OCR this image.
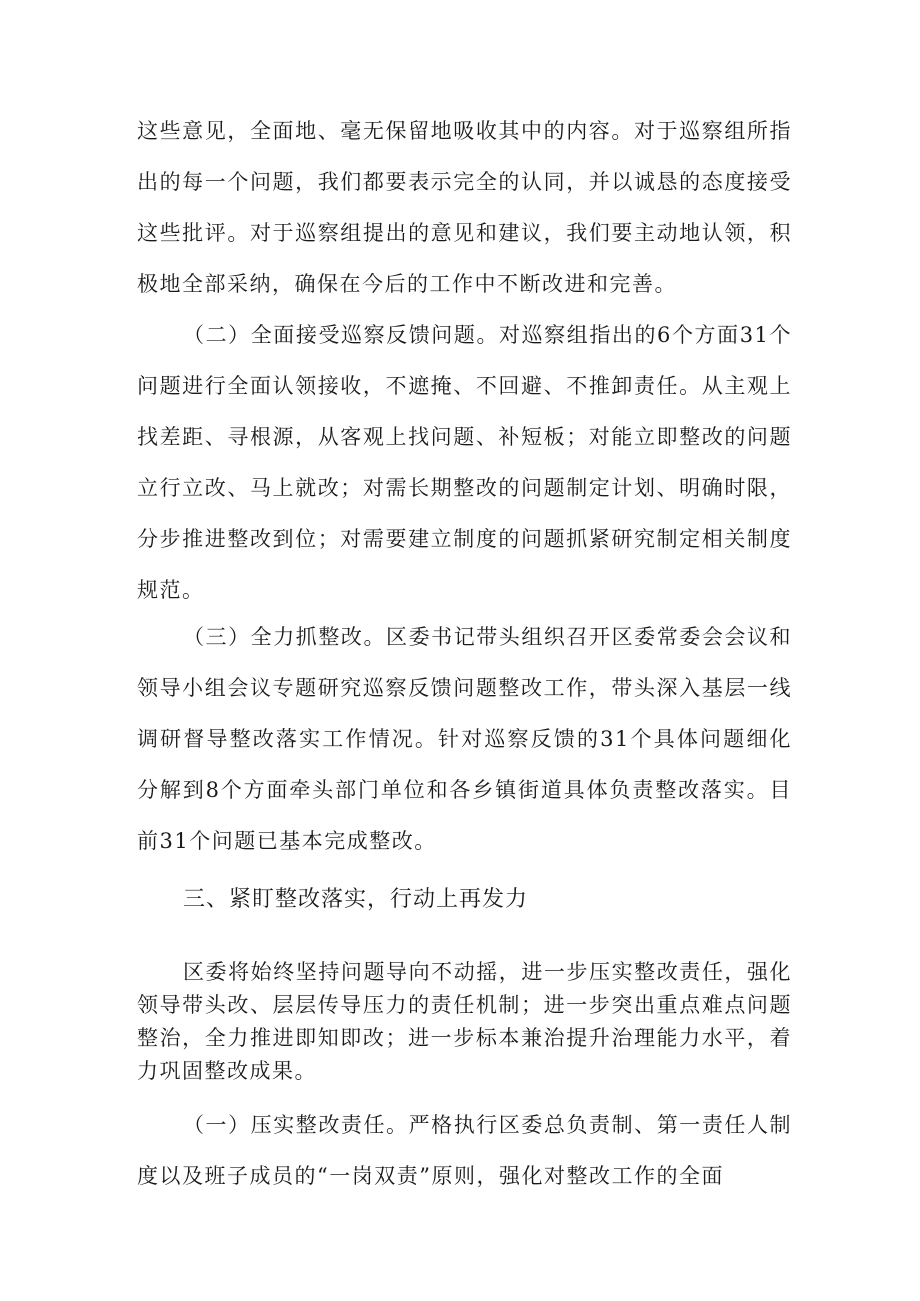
这些意见，全面地、毫无保留地吸收其中的内容。对于巡察组所指出的每一个问题，我们都要表示完全的认同，并以诚恳的态度接受这些批评。对于巡察组提出的意见和建议，我们要主动地认领，积极地全部采纳，确保在今后的工作中不断改进和完善。

（二）全面接受巡察反馈问题。对巡察组指出的6个方面31个问题进行全面认领接收，不遮掩、不回避、不推卸责任。从主观上找差距、寻根源，从客观上找问题、补短板；对能立即整改的问题立行立改、马上就改；对需长期整改的问题制定计划、明确时限，分步推进整改到位；对需要建立制度的问题抓紧研究制定相关制度规范。

（三）全力抓整改。区委书记带头组织召开区委常委会会议和领导小组会议专题研究巡察反馈问题整改工作，带头深入基层一线调研督导整改落实工作情况。针对巡察反馈的31个具体问题细化分解到8个方面牵头部门单位和各乡镇街道具体负责整改落实。目前31个问题已基本完成整改。

三、紧盯整改落实，行动上再发力

区委将始终坚持问题导向不动摇，进一步压实整改责任，强化领导带头改、层层传导压力的责任机制；进一步突出重点难点问题整治，全力推进即知即改；进一步标本兼治提升治理能力水平，着力巩固整改成果。

（一）压实整改责任。严格执行区委总负责制、第一责任人制度以及班子成员的“一岗双责”原则，强化对整改工作的全面
